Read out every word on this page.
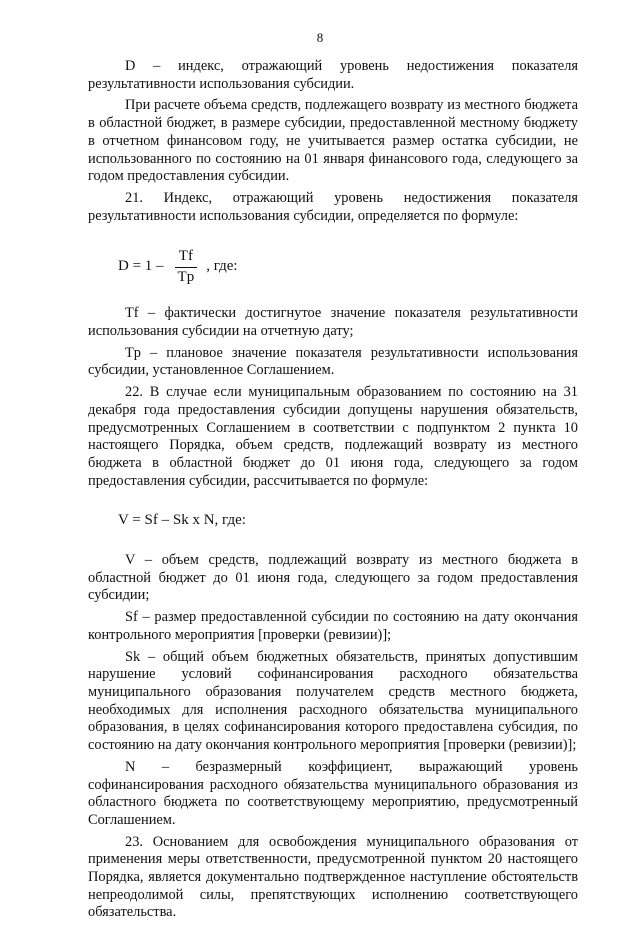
8

D – индекс, отражающий уровень недостижения показателя результативности использования субсидии.

При расчете объема средств, подлежащего возврату из местного бюджета в областной бюджет, в размере субсидии, предоставленной местному бюджету в отчетном финансовом году, не учитывается размер остатка субсидии, не использованного по состоянию на 01 января финансового года, следующего за годом предоставления субсидии.

21. Индекс, отражающий уровень недостижения показателя результативности использования субсидии, определяется по формуле:

$D = 1 - \frac{Tf}{Tp}$ , где:

Tf – фактически достигнутое значение показателя результативности использования субсидии на отчетную дату;

Tp – плановое значение показателя результативности использования субсидии, установленное Соглашением.

22. В случае если муниципальным образованием по состоянию на 31 декабря года предоставления субсидии допущены нарушения обязательств, предусмотренных Соглашением в соответствии с подпунктом 2 пункта 10 настоящего Порядка, объем средств, подлежащий возврату из местного бюджета в областной бюджет до 01 июня года, следующего за годом предоставления субсидии, рассчитывается по формуле:

V = Sf – Sk x N, где:

V – объем средств, подлежащий возврату из местного бюджета в областной бюджет до 01 июня года, следующего за годом предоставления субсидии;

Sf – размер предоставленной субсидии по состоянию на дату окончания контрольного мероприятия [проверки (ревизии)];

Sk – общий объем бюджетных обязательств, принятых допустившим нарушение условий софинансирования расходного обязательства муниципального образования получателем средств местного бюджета, необходимых для исполнения расходного обязательства муниципального образования, в целях софинансирования которого предоставлена субсидия, по состоянию на дату окончания контрольного мероприятия [проверки (ревизии)];

N – безразмерный коэффициент, выражающий уровень софинансирования расходного обязательства муниципального образования из областного бюджета по соответствующему мероприятию, предусмотренный Соглашением.

23. Основанием для освобождения муниципального образования от применения меры ответственности, предусмотренной пунктом 20 настоящего Порядка, является документально подтвержденное наступление обстоятельств непреодолимой силы, препятствующих исполнению соответствующего обязательства.
